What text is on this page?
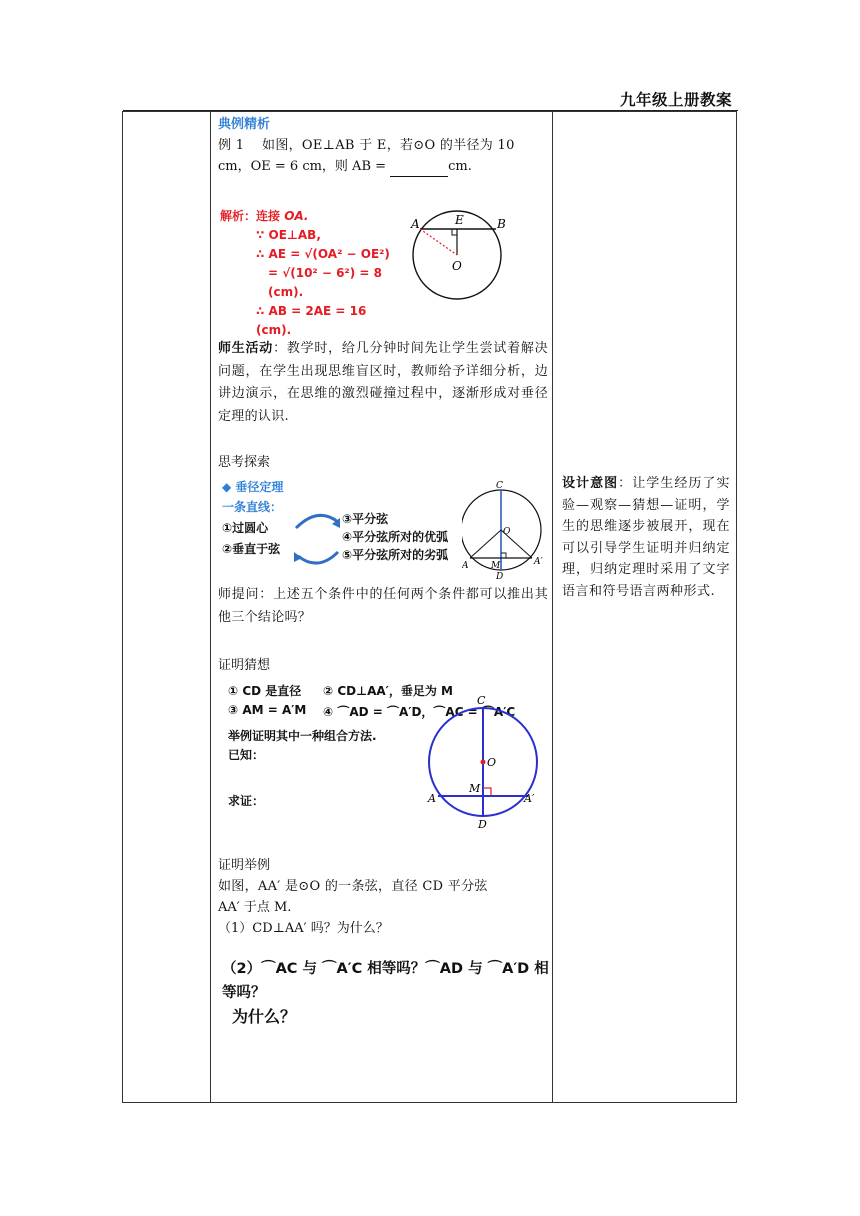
九年级上册教案

典例精析

例 1　 如图，OE⊥AB 于 E，若⊙O 的半径为 10

cm，OE = 6 cm，则 AB =	cm.

解析：连接 OA.
∵ OE⊥AB,
∴ AE = √(OA² − OE²)
= √(10² − 6²) = 8 (cm).
∴ AB = 2AE = 16 (cm).
A	E	B
O
师生活动：教学时，给几分钟时间先让学生尝试着解决问题，在学生出现思维盲区时，教师给予详细分析，边讲边演示，在思维的激烈碰撞过程中，逐渐形成对垂径定理的认识.
思考探索
◆ 垂径定理
一条直线：
①过圆心
②垂直于弦
③平分弦
④平分弦所对的优弧
⑤平分弦所对的劣弧
C
O
A	M	A′
D
师提问：上述五个条件中的任何两个条件都可以推出其他三个结论吗？
证明猜想
① CD 是直径 ② CD⊥AA′，垂足为 M
③ AM = A′M ④ ⌒AD = ⌒A′D，⌒AC = ⌒A′C
举例证明其中一种组合方法.
已知：
求证：
C
O
A
M
A′
D

证明举例

如图，AA′ 是⊙O 的一条弦，直径 CD 平分弦

AA′ 于点 M.

（1）CD⊥AA′ 吗？为什么？

（2）⌒AC 与 ⌒A′C 相等吗？⌒AD 与 ⌒A′D 相等吗？
为什么？
设计意图：让学生经历了实验—观察—猜想—证明，学生的思维逐步被展开，现在可以引导学生证明并归纳定理，归纳定理时采用了文字语言和符号语言两种形式.
